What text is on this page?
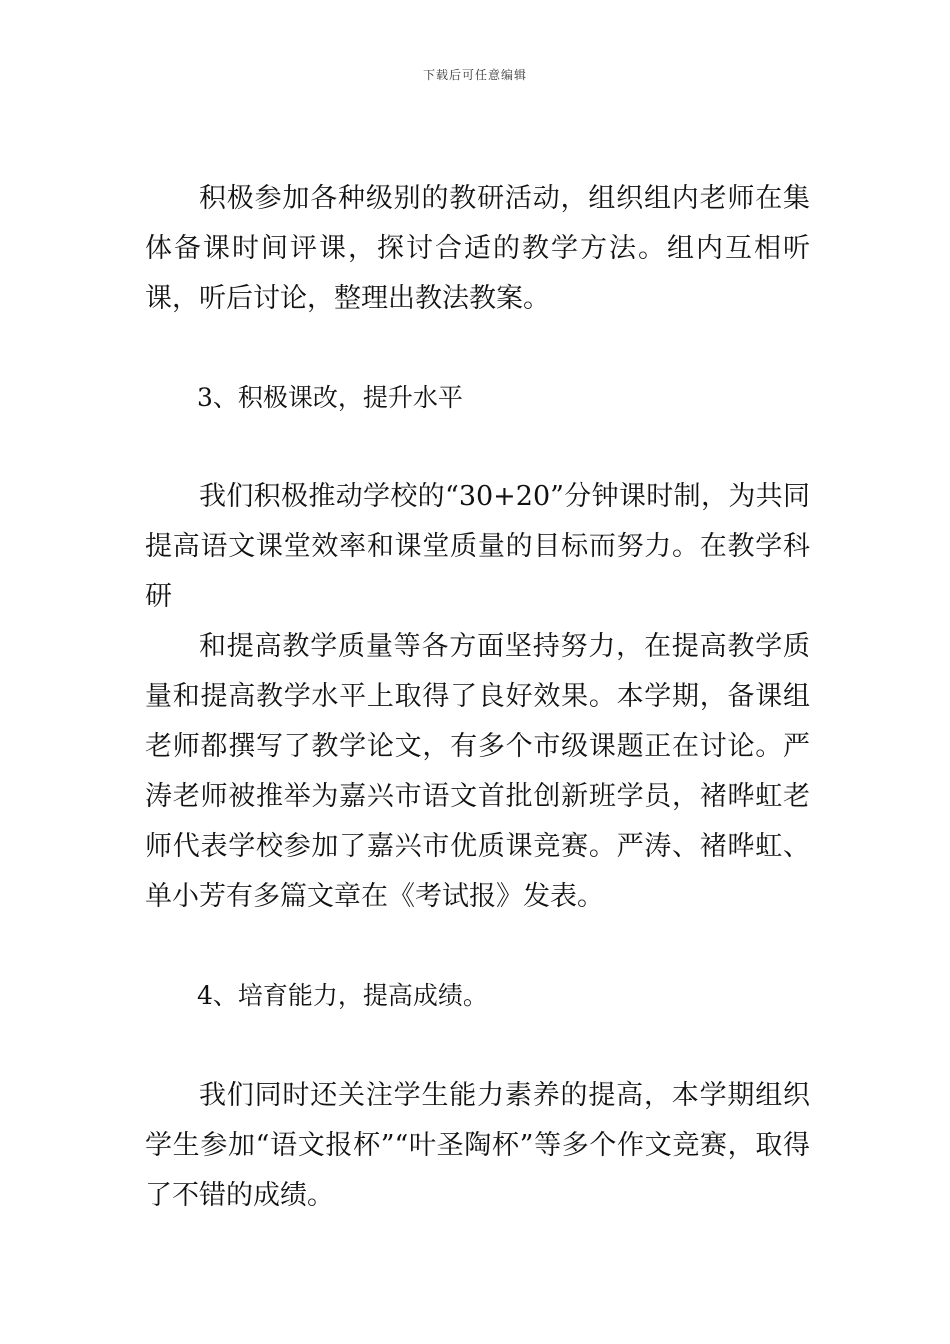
下载后可任意编辑

积极参加各种级别的教研活动，组织组内老师在集体备课时间评课，探讨合适的教学方法。组内互相听课，听后讨论，整理出教法教案。

3、积极课改，提升水平

我们积极推动学校的“30+20”分钟课时制，为共同提高语文课堂效率和课堂质量的目标而努力。在教学科研

和提高教学质量等各方面坚持努力，在提高教学质量和提高教学水平上取得了良好效果。本学期，备课组老师都撰写了教学论文，有多个市级课题正在讨论。严涛老师被推举为嘉兴市语文首批创新班学员，褚晔虹老师代表学校参加了嘉兴市优质课竞赛。严涛、褚晔虹、单小芳有多篇文章在《考试报》发表。

4、培育能力，提高成绩。

我们同时还关注学生能力素养的提高，本学期组织学生参加“语文报杯”“叶圣陶杯”等多个作文竞赛，取得了不错的成绩。
